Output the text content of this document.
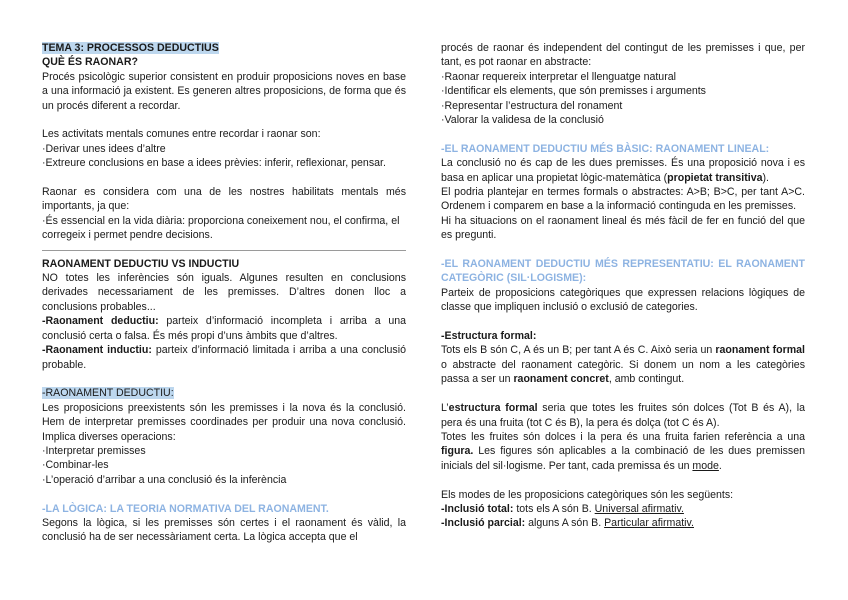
TEMA 3: PROCESSOS DEDUCTIUS

QUÈ ÉS RAONAR?

Procés psicològic superior consistent en produir proposicions noves en base a una informació ja existent. Es generen altres proposicions, de forma que és un procés diferent a recordar.

Les activitats mentals comunes entre recordar i raonar son:

·Derivar unes idees d’altre

·Extreure conclusions en base a idees prèvies: inferir, reflexionar, pensar.

Raonar es considera com una de les nostres habilitats mentals més importants, ja que:

·És essencial en la vida diària: proporciona coneixement nou, el confirma, el corregeix i permet pendre decisions.

RAONAMENT DEDUCTIU VS INDUCTIU

NO totes les inferències són iguals. Algunes resulten en conclusions derivades necessariament de les premisses. D’altres donen lloc a conclusions probables...

-Raonament deductiu: parteix d’informació incompleta i arriba a una conclusió certa o falsa. És més propi d’uns àmbits que d’altres.

-Raonament inductiu: parteix d’informació limitada i arriba a una conclusió probable.

-RAONAMENT DEDUCTIU:

Les proposicions preexistents són les premisses i la nova és la conclusió. Hem de interpretar premisses coordinades per produir una nova conclusió. Implica diverses operacions:

·Interpretar premisses

·Combinar-les

·L’operació d’arribar a una conclusió és la inferència

-LA LÒGICA: LA TEORIA NORMATIVA DEL RAONAMENT.

Segons la lògica, si les premisses són certes i el raonament és vàlid, la conclusió ha de ser necessàriament certa. La lògica accepta que el

procés de raonar és independent del contingut de les premisses i que, per tant, es pot raonar en abstracte:

·Raonar requereix interpretar el llenguatge natural

·Identificar els elements, que són premisses i arguments

·Representar l’estructura del ronament

·Valorar la validesa de la conclusió

-EL RAONAMENT DEDUCTIU MÉS BÀSIC: RAONAMENT LINEAL:

La conclusió no és cap de les dues premisses. És una proposició nova i es basa en aplicar una propietat lògic-matemàtica (propietat transitiva).

El podria plantejar en termes formals o abstractes: A>B; B>C, per tant A>C. Ordenem i comparem en base a la informació continguda en les premisses.

Hi ha situacions on el raonament lineal és més fàcil de fer en funció del que es pregunti.

-EL RAONAMENT DEDUCTIU MÉS REPRESENTATIU: EL RAONAMENT CATEGÒRIC (SIL·LOGISME):

Parteix de proposicions categòriques que expressen relacions lògiques de classe que impliquen inclusió o exclusió de categories.

-Estructura formal:

Tots els B són C, A és un B; per tant A és C. Això seria un raonament formal o abstracte del raonament categòric. Si donem un nom a les categòries passa a ser un raonament concret, amb contingut.

L’estructura formal seria que totes les fruites són dolces (Tot B és A), la pera és una fruita (tot C és B), la pera és dolça (tot C és A).

Totes les fruites són dolces i la pera és una fruita farien referència a una figura. Les figures són aplicables a la combinació de les dues premissen inicials del sil·logisme. Per tant, cada premissa és un mode.

Els modes de les proposicions categòriques són les següents:

-Inclusió total: tots els A són B. Universal afirmativ.

-Inclusió parcial: alguns A són B. Particular afirmativ.
